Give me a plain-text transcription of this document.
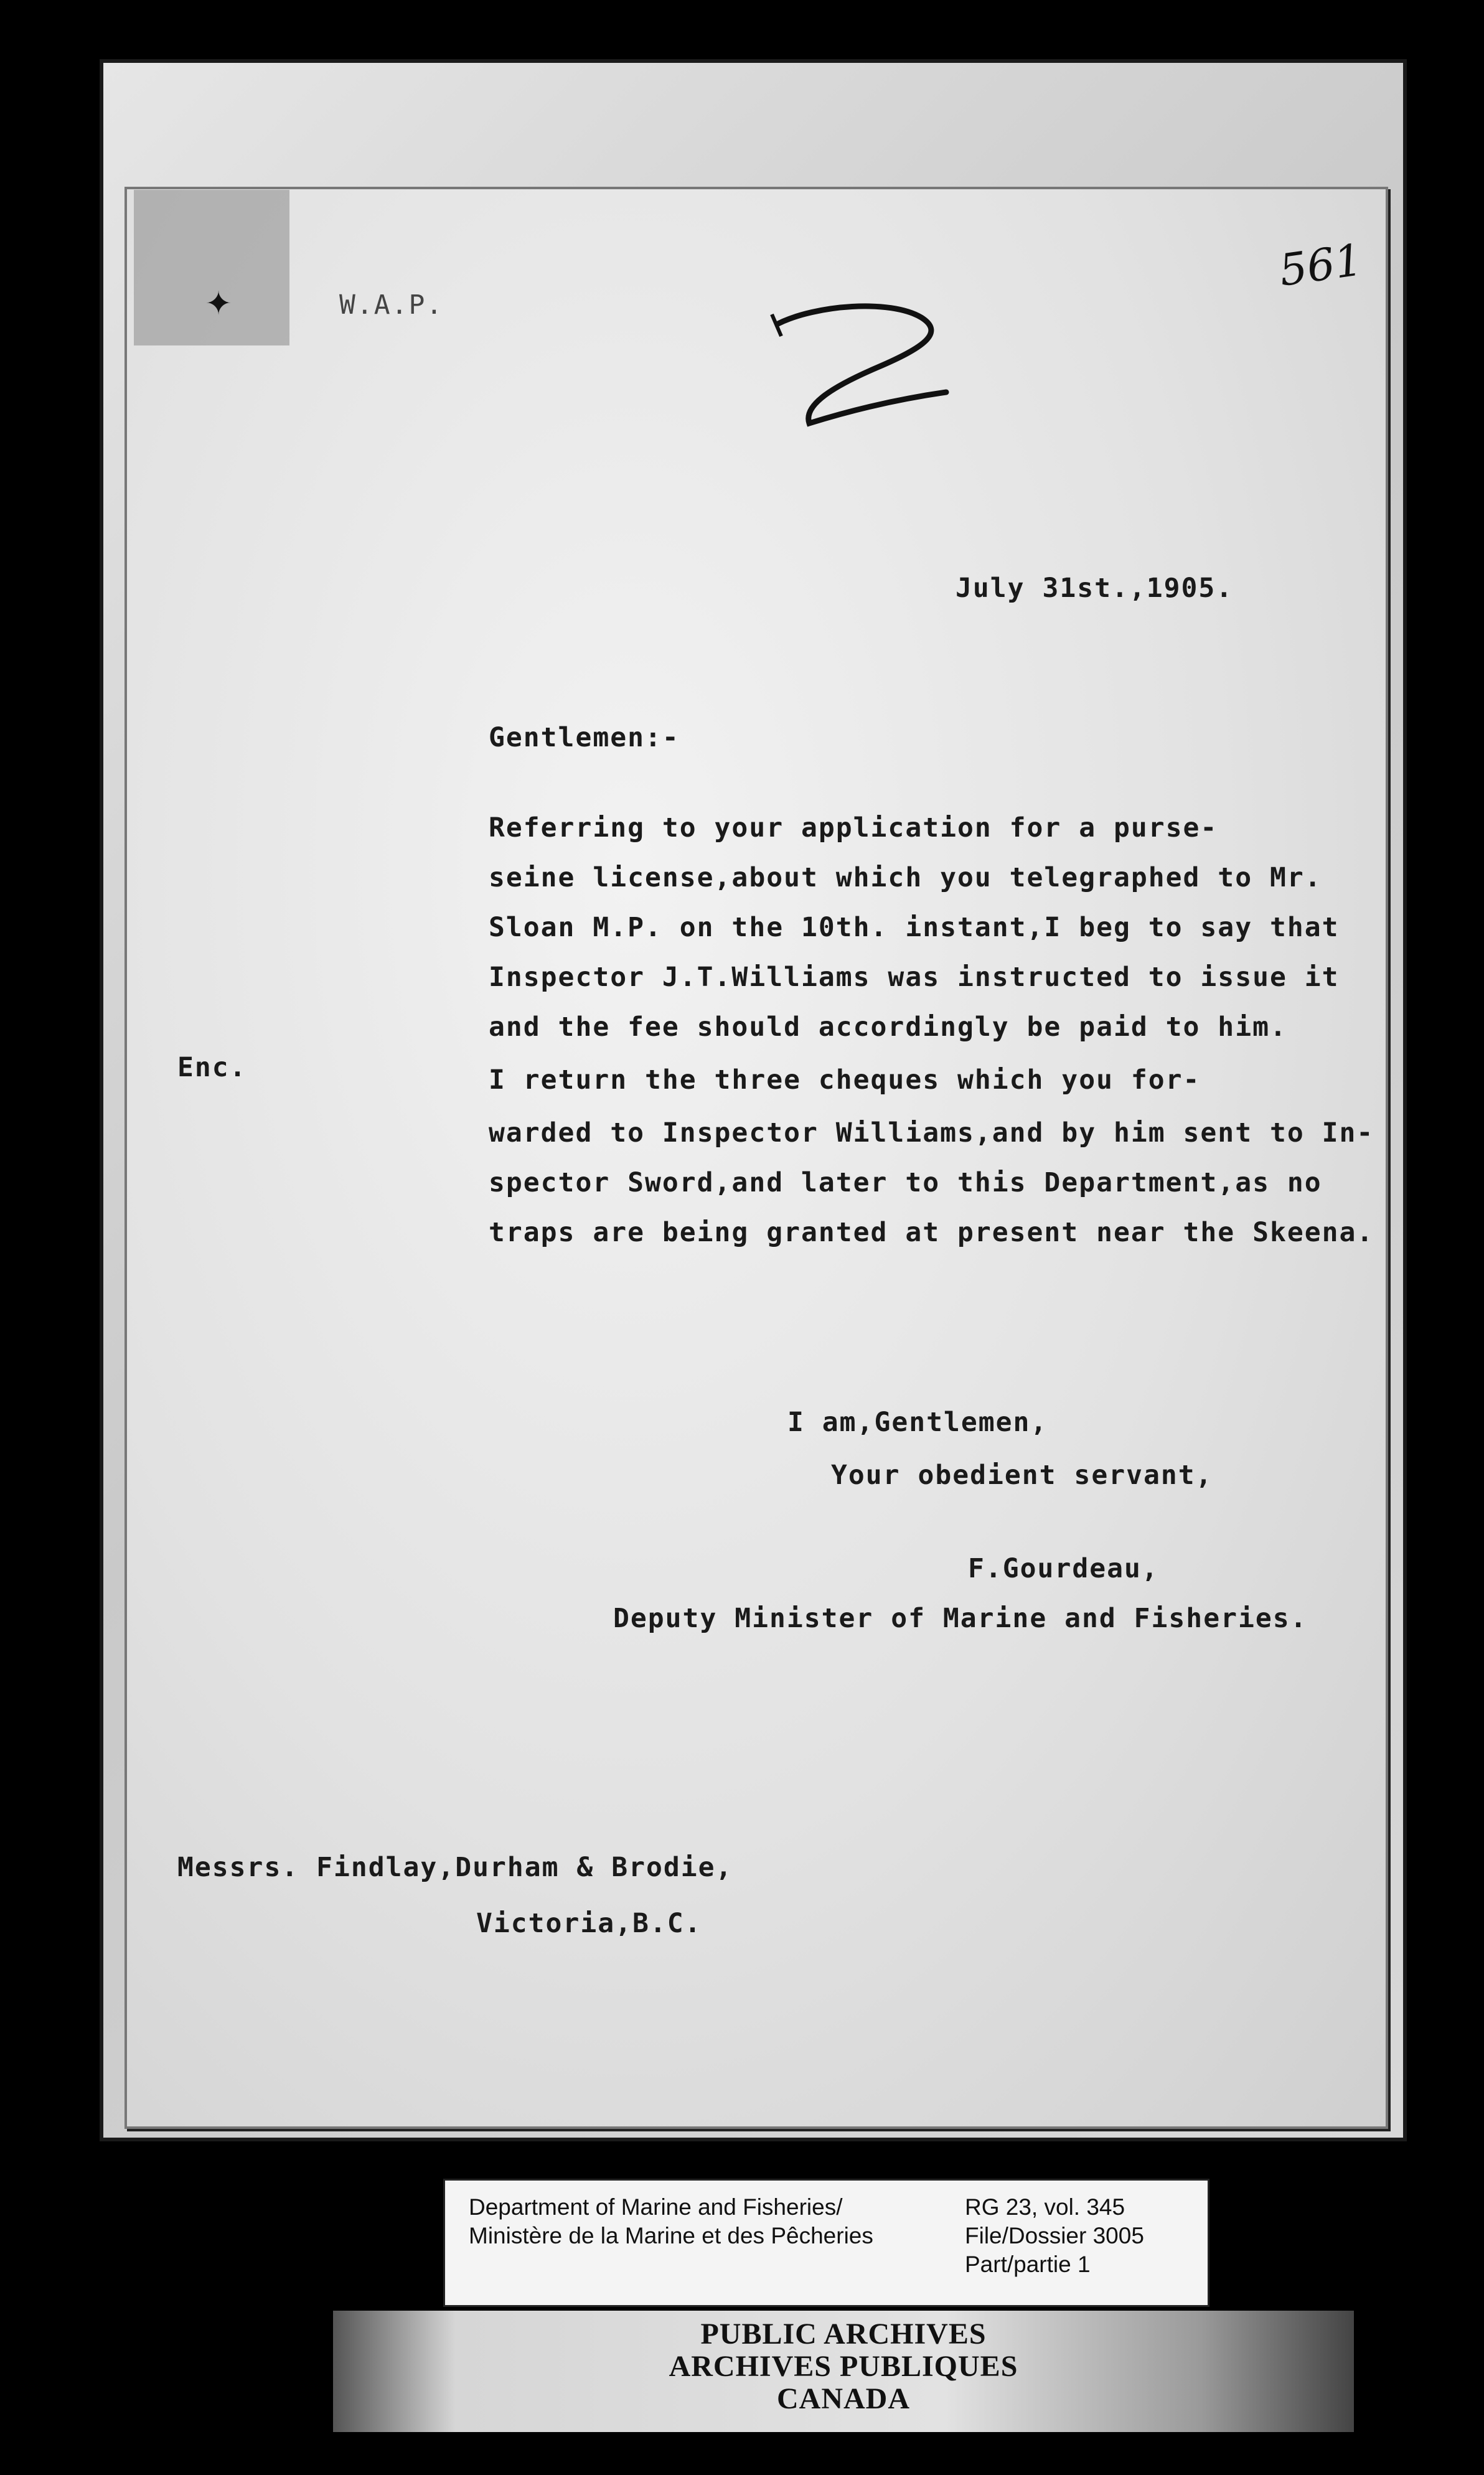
✦	W.A.P.
561
July 31st.,1905.
Gentlemen:-
Referring to your application for a purse-
seine license,about which you telegraphed to Mr.
Sloan M.P. on the 10th. instant,I beg to say that
Inspector J.T.Williams was instructed to issue it
and the fee should accordingly be paid to him.
I return the three cheques which you for-
warded to Inspector Williams,and by him sent to In-
spector Sword,and later to this Department,as no
traps are being granted at present near the Skeena.
Enc.
I am,Gentlemen,
Your obedient servant,
F.Gourdeau,
Deputy Minister of Marine and Fisheries.
Messrs. Findlay,Durham & Brodie,
Victoria,B.C.
Department of Marine and Fisheries/
Ministère de la Marine et des Pêcheries
RG 23, vol. 345
File/Dossier 3005
Part/partie 1
PUBLIC ARCHIVES
ARCHIVES PUBLIQUES
CANADA
